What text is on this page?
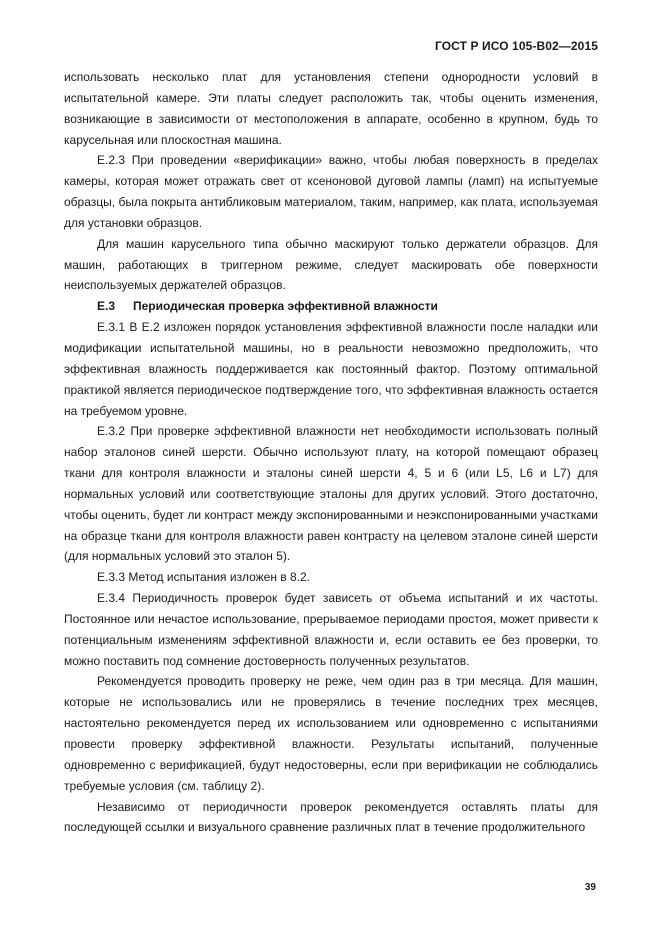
ГОСТ Р ИСО 105-В02—2015

использовать несколько плат для установления степени однородности условий в испытательной камере. Эти платы следует расположить так, чтобы оценить изменения, возникающие в зависимости от местоположения в аппарате, особенно в крупном, будь то карусельная или плоскостная машина.

Е.2.3 При проведении «верификации» важно, чтобы любая поверхность в пределах камеры, которая может отражать свет от ксеноновой дуговой лампы (ламп) на испытуемые образцы, была покрыта антибликовым материалом, таким, например, как плата, используемая для установки образцов.

Для машин карусельного типа обычно маскируют только держатели образцов. Для машин, работающих в триггерном режиме, следует маскировать обе поверхности неиспользуемых держателей образцов.

Е.3 Периодическая проверка эффективной влажности

Е.3.1 В Е.2 изложен порядок установления эффективной влажности после наладки или модификации испытательной машины, но в реальности невозможно предположить, что эффективная влажность поддерживается как постоянный фактор. Поэтому оптимальной практикой является периодическое подтверждение того, что эффективная влажность остается на требуемом уровне.

Е.3.2 При проверке эффективной влажности нет необходимости использовать полный набор эталонов синей шерсти. Обычно используют плату, на которой помещают образец ткани для контроля влажности и эталоны синей шерсти 4, 5 и 6 (или L5, L6 и L7) для нормальных условий или соответствующие эталоны для других условий. Этого достаточно, чтобы оценить, будет ли контраст между экспонированными и неэкспонированными участками на образце ткани для контроля влажности равен контрасту на целевом эталоне синей шерсти (для нормальных условий это эталон 5).

Е.3.3 Метод испытания изложен в 8.2.

Е.3.4 Периодичность проверок будет зависеть от объема испытаний и их частоты. Постоянное или нечастое использование, прерываемое периодами простоя, может привести к потенциальным изменениям эффективной влажности и, если оставить ее без проверки, то можно поставить под сомнение достоверность полученных результатов.

Рекомендуется проводить проверку не реже, чем один раз в три месяца. Для машин, которые не использовались или не проверялись в течение последних трех месяцев, настоятельно рекомендуется перед их использованием или одновременно с испытаниями провести проверку эффективной влажности. Результаты испытаний, полученные одновременно с верификацией, будут недостоверны, если при верификации не соблюдались требуемые условия (см. таблицу 2).

Независимо от периодичности проверок рекомендуется оставлять платы для последующей ссылки и визуального сравнение различных плат в течение продолжительного

39
